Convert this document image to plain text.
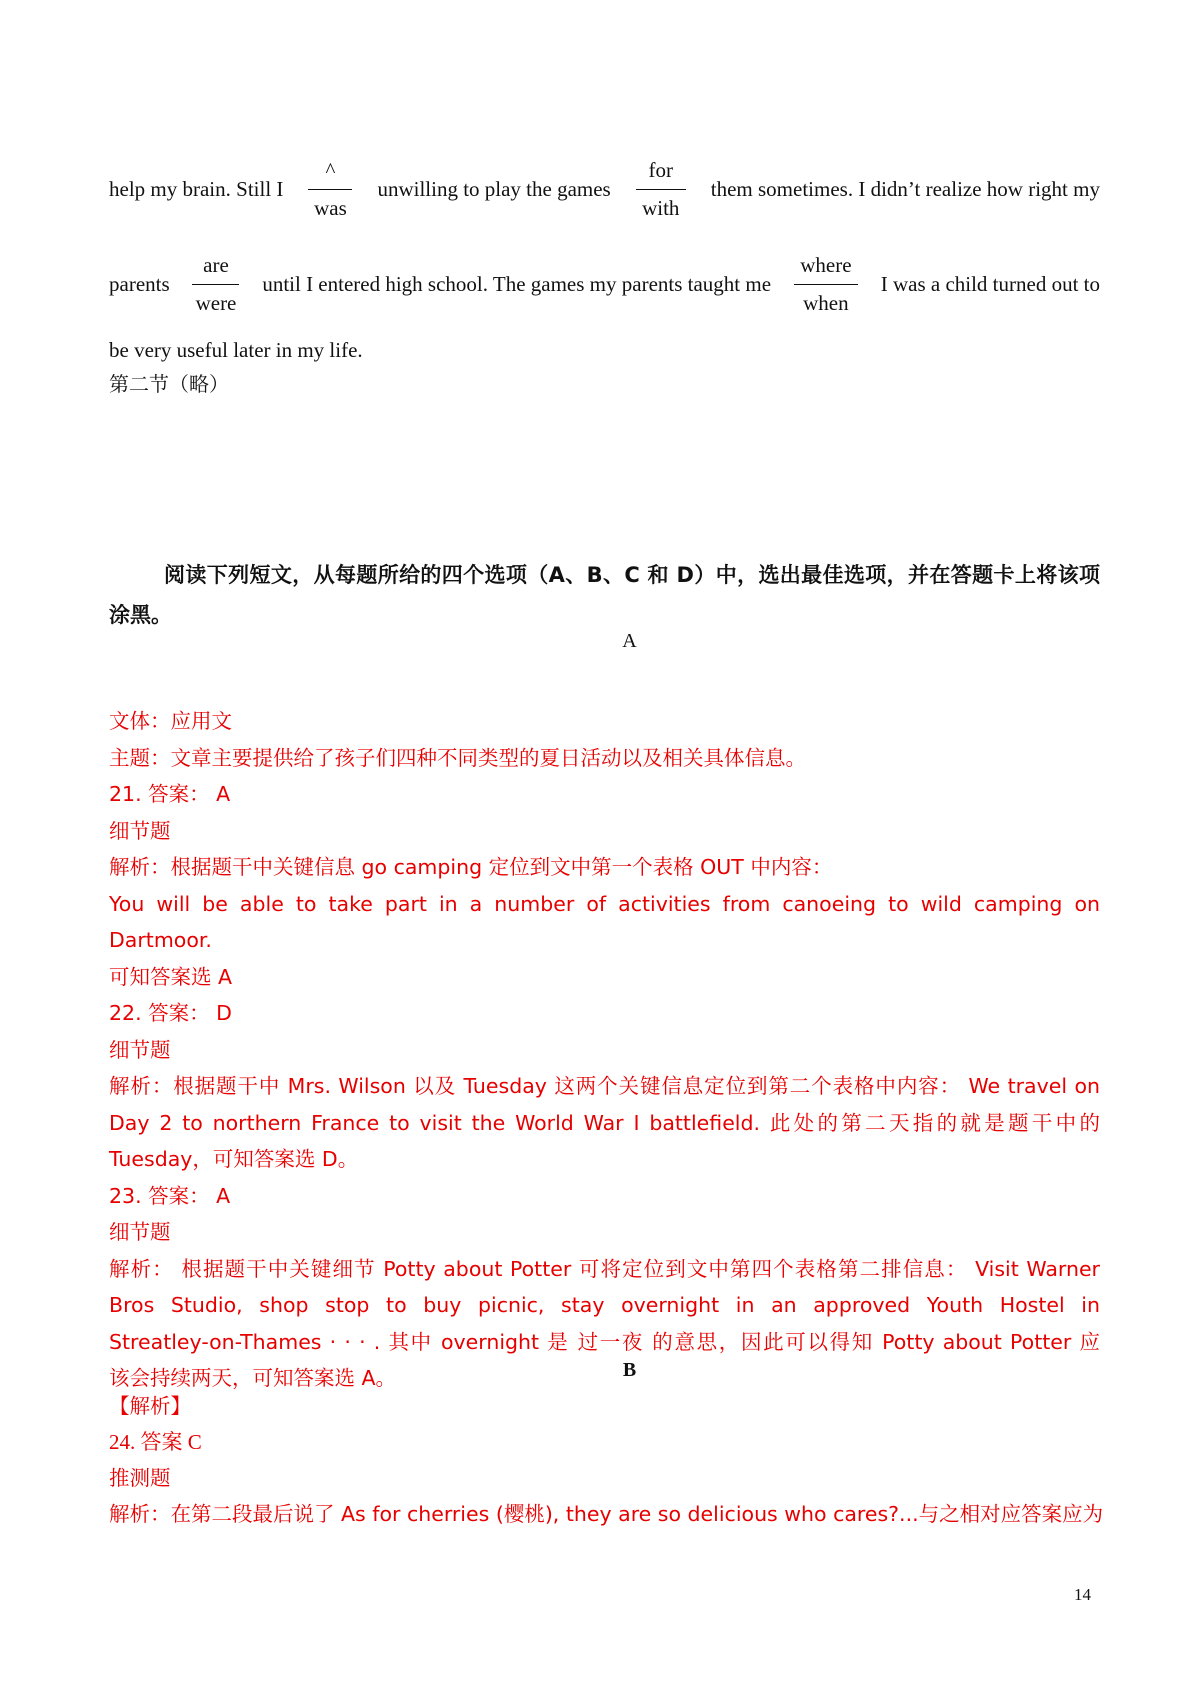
help my brain. Still I $\frac{\^{}}{\text{was}}$ unwilling to play the games $\frac{\text{for}}{\text{with}}$ them sometimes. I didn’t realize how right my
parents $\frac{\text{are}}{\text{were}}$ until I entered high school. The games my parents taught me $\frac{\text{where}}{\text{when}}$ I was a child turned out to
be very useful later in my life.
第二节（略）
阅读下列短文，从每题所给的四个选项（A、B、C 和 D）中，选出最佳选项，并在答题卡上将该项涂黑。
A
文体：应用文
主题：文章主要提供给了孩子们四种不同类型的夏日活动以及相关具体信息。
21. 答案： A
细节题
解析：根据题干中关键信息 go camping 定位到文中第一个表格 OUT 中内容：
You will be able to take part in a number of activities from canoeing to wild camping on Dartmoor.
可知答案选 A
22. 答案： D
细节题
解析：根据题干中 Mrs. Wilson 以及 Tuesday 这两个关键信息定位到第二个表格中内容： We travel on
Day 2 to northern France to visit the World War I battlefield. 此处的第二天指的就是题干中的
Tuesday，可知答案选 D。
23. 答案： A
细节题
解析： 根据题干中关键细节 Potty about Potter 可将定位到文中第四个表格第二排信息： Visit Warner
Bros Studio, shop stop to buy picnic, stay overnight in an approved Youth Hostel in
Streatley-on-Thames · · · . 其中 overnight 是 过一夜 的意思，因此可以得知 Potty about Potter 应
该会持续两天，可知答案选 A。	B
【解析】
24. 答案 C
推测题
解析：在第二段最后说了 As for cherries (樱桃), they are so delicious who cares?...与之相对应答案应为
14
